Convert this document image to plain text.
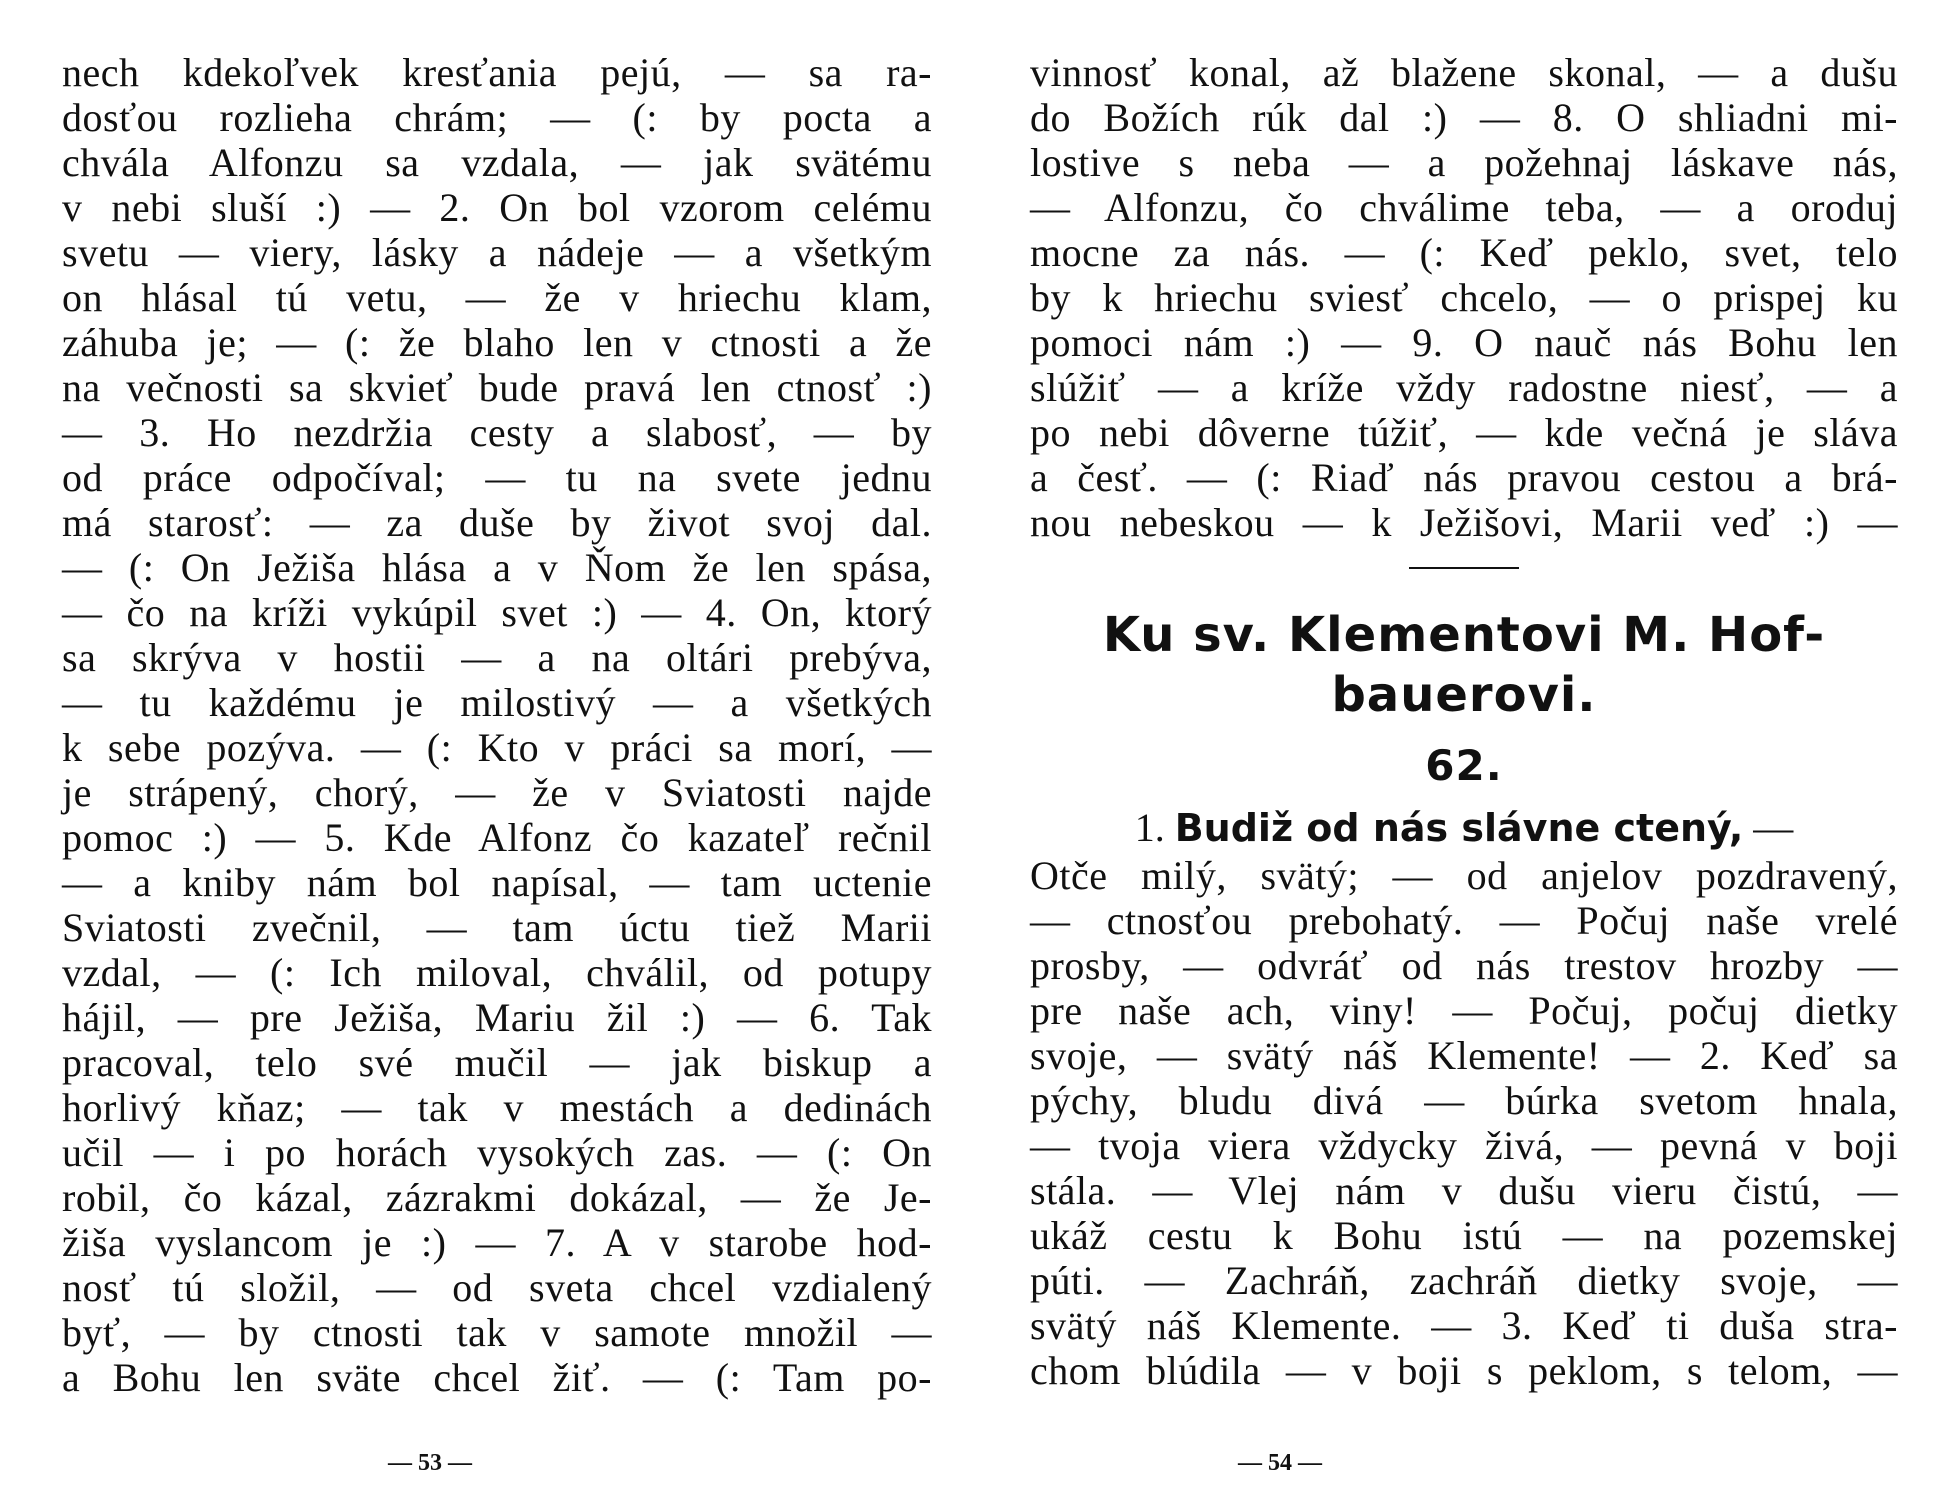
nech kdekoľvek kresťania pejú, — sa ra-
dosťou rozlieha chrám; — (: by pocta a
chvála Alfonzu sa vzdala, — jak svätému
v nebi sluší :) — 2. On bol vzorom celému
svetu — viery, lásky a nádeje — a všetkým
on hlásal tú vetu, — že v hriechu klam,
záhuba je; — (: že blaho len v ctnosti a že
na večnosti sa skvieť bude pravá len ctnosť :)
— 3. Ho nezdržia cesty a slabosť, — by
od práce odpočíval; — tu na svete jednu
má starosť: — za duše by život svoj dal.
— (: On Ježiša hlása a v Ňom že len spása,
— čo na kríži vykúpil svet :) — 4. On, ktorý
sa skrýva v hostii — a na oltári prebýva,
— tu každému je milostivý — a všetkých
k sebe pozýva. — (: Kto v práci sa morí, —
je strápený, chorý, — že v Sviatosti najde
pomoc :) — 5. Kde Alfonz čo kazateľ rečnil
— a kniby nám bol napísal, — tam uctenie
Sviatosti zvečnil, — tam úctu tiež Marii
vzdal, — (: Ich miloval, chválil, od potupy
hájil, — pre Ježiša, Mariu žil :) — 6. Tak
pracoval, telo své mučil — jak biskup a
horlivý kňaz; — tak v mestách a dedinách
učil — i po horách vysokých zas. — (: On
robil, čo kázal, zázrakmi dokázal, — že Je-
žiša vyslancom je :) — 7. A v starobe hod-
nosť tú složil, — od sveta chcel vzdialený
byť, — by ctnosti tak v samote množil —
a Bohu len sväte chcel žiť. — (: Tam po-
— 53 —
vinnosť konal, až blažene skonal, — a dušu
do Božích rúk dal :) — 8. O shliadni mi-
lostive s neba — a požehnaj láskave nás,
— Alfonzu, čo chválime teba, — a oroduj
mocne za nás. — (: Keď peklo, svet, telo
by k hriechu sviesť chcelo, — o prispej ku
pomoci nám :) — 9. O nauč nás Bohu len
slúžiť — a kríže vždy radostne niesť, — a
po nebi dôverne túžiť, — kde večná je sláva
a česť. — (: Riaď nás pravou cestou a brá-
nou nebeskou — k Ježišovi, Marii veď :) —
Ku sv. Klementovi M. Hof-
bauerovi.
62.
1. Budiž od nás slávne ctený, —
Otče milý, svätý; — od anjelov pozdravený,
— ctnosťou prebohatý. — Počuj naše vrelé
prosby, — odvráť od nás trestov hrozby —
pre naše ach, viny! — Počuj, počuj dietky
svoje, — svätý náš Klemente! — 2. Keď sa
pýchy, bludu divá — búrka svetom hnala,
— tvoja viera vždycky živá, — pevná v boji
stála. — Vlej nám v dušu vieru čistú, —
ukáž cestu k Bohu istú — na pozemskej
púti. — Zachráň, zachráň dietky svoje, —
svätý náš Klemente. — 3. Keď ti duša stra-
chom blúdila — v boji s peklom, s telom, —
— 54 —
